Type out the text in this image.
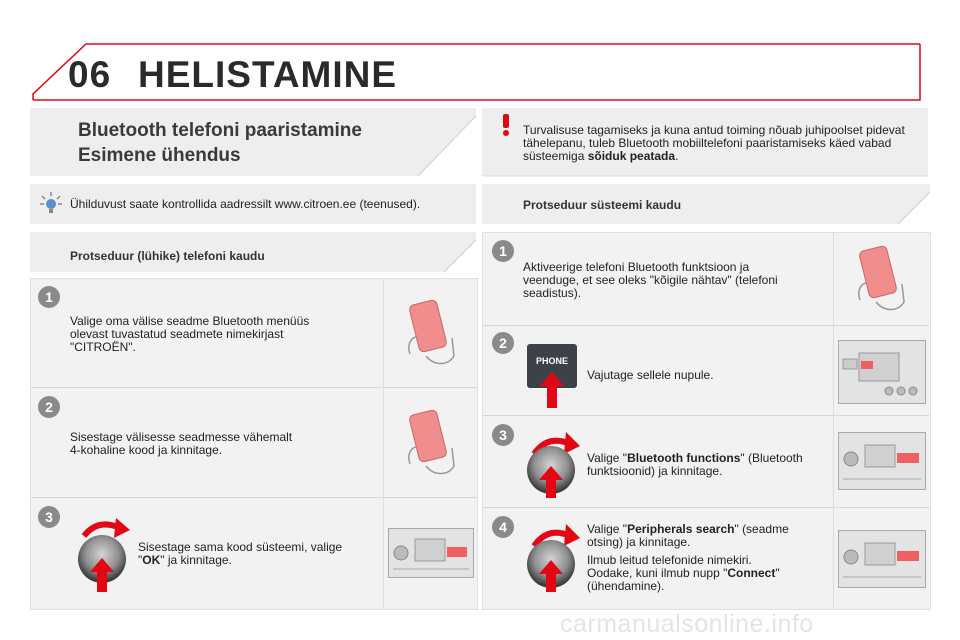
06 HELISTAMINE
Bluetooth telefoni paaristamine
Esimene ühendus
Turvalisuse tagamiseks ja kuna antud toiming nõuab juhipoolset pidevat tähelepanu, tuleb Bluetooth mobiiltelefoni paaristamiseks käed vabad süsteemiga sõiduk peatada.
Ühilduvust saate kontrollida aadressilt www.citroen.ee (teenused).	Protseduur süsteemi kaudu
Protseduur (lühike) telefoni kaudu
1
Valige oma välise seadme Bluetooth menüüs
olevast tuvastatud seadmete nimekirjast
"CITROËN".
2
Sisestage välisesse seadmesse vähemalt
4-kohaline kood ja kinnitage.
3
Sisestage sama kood süsteemi, valige
"OK" ja kinnitage.
1
Aktiveerige telefoni Bluetooth funktsioon ja
veenduge, et see oleks "kõigile nähtav" (telefoni
seadistus).
2
PHONE
Vajutage sellele nupule.
3
Valige "Bluetooth functions" (Bluetooth
funktsioonid) ja kinnitage.
4	Valige "Peripherals search" (seadme
otsing) ja kinnitage.
Ilmub leitud telefonide nimekiri.
Oodake, kuni ilmub nupp "Connect"
(ühendamine).
carmanualsonline.info
